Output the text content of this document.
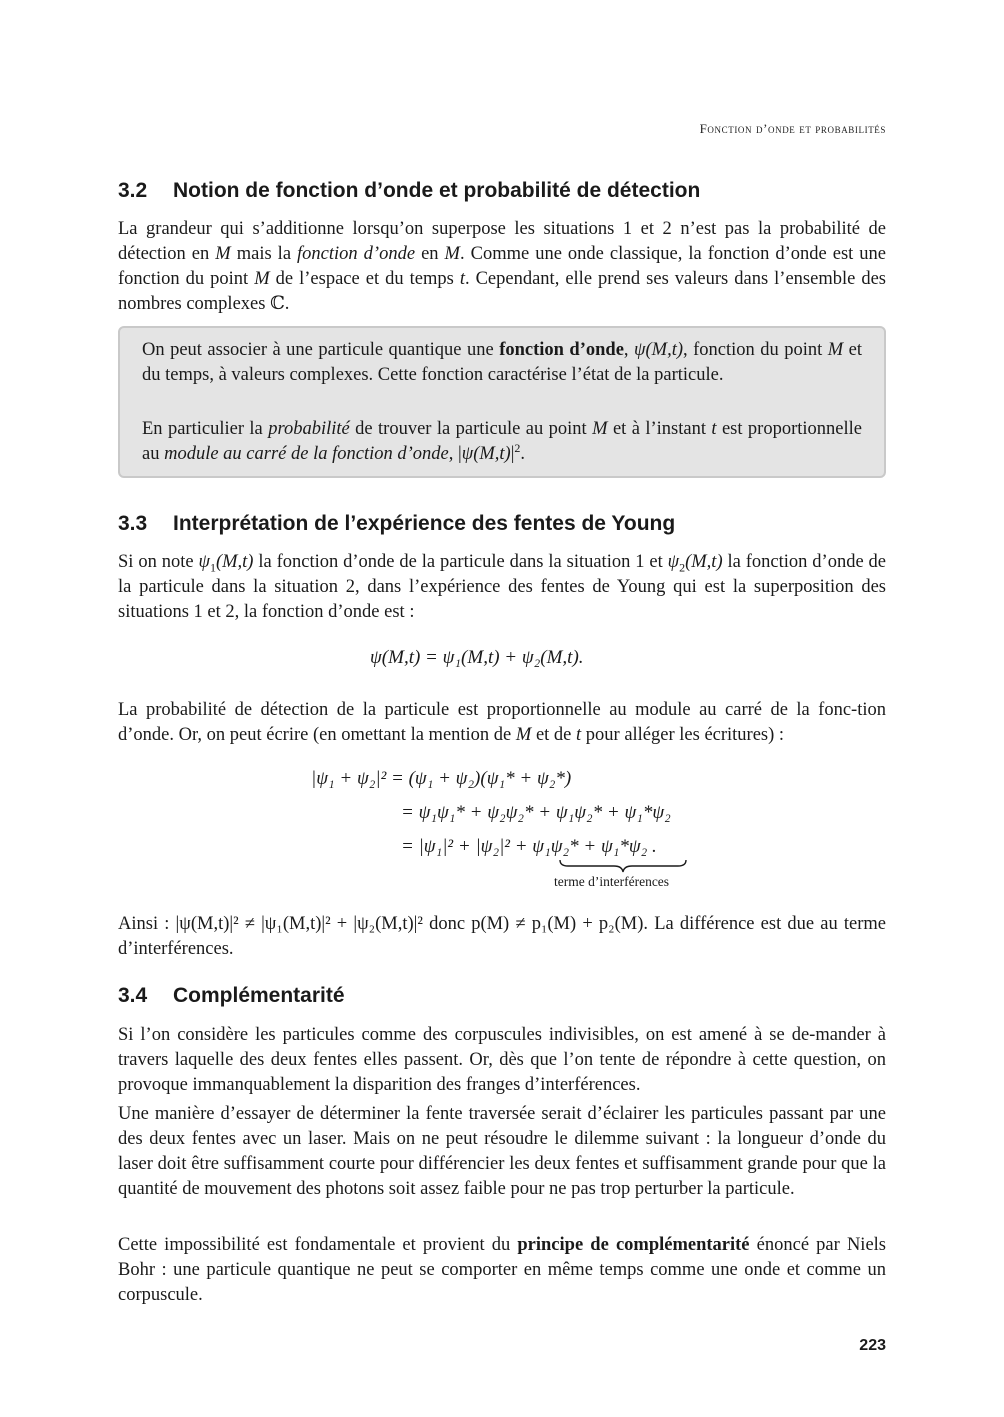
Fonction d’onde et probabilités
3.2 Notion de fonction d’onde et probabilité de détection

La grandeur qui s’additionne lorsqu’on superpose les situations 1 et 2 n’est pas la probabilité de détection en M mais la fonction d’onde en M. Comme une onde classique, la fonction d’onde est une fonction du point M de l’espace et du temps t. Cependant, elle prend ses valeurs dans l’ensemble des nombres complexes ℂ.

On peut associer à une particule quantique une fonction d’onde, ψ(M,t), fonction du point M et du temps, à valeurs complexes. Cette fonction caractérise l’état de la particule.

En particulier la probabilité de trouver la particule au point M et à l’instant t est proportionnelle au module au carré de la fonction d’onde, $|\psi(M,t)|^2$.

3.3 Interprétation de l’expérience des fentes de Young

Si on note $\psi_1(M,t)$ la fonction d’onde de la particule dans la situation 1 et $\psi_2(M,t)$ la fonction d’onde de la particule dans la situation 2, dans l’expérience des fentes de Young qui est la superposition des situations 1 et 2, la fonction d’onde est :

ψ(M,t) = ψ₁(M,t) + ψ₂(M,t).

La probabilité de détection de la particule est proportionnelle au module au carré de la fonc-tion d’onde. Or, on peut écrire (en omettant la mention de M et de t pour alléger les écritures) :

|ψ₁ + ψ₂|² = (ψ₁ + ψ₂)(ψ₁* + ψ₂*)
= ψ₁ψ₁* + ψ₂ψ₂* + ψ₁ψ₂* + ψ₁*ψ₂
= |ψ₁|² + |ψ₂|² + ψ₁ψ₂* + ψ₁*ψ₂ .
terme d’interférences

Ainsi : |ψ(M,t)|² ≠ |ψ₁(M,t)|² + |ψ₂(M,t)|² donc p(M) ≠ p₁(M) + p₂(M). La différence est due au terme d’interférences.

3.4 Complémentarité

Si l’on considère les particules comme des corpuscules indivisibles, on est amené à se de-mander à travers laquelle des deux fentes elles passent. Or, dès que l’on tente de répondre à cette question, on provoque immanquablement la disparition des franges d’interférences.

Une manière d’essayer de déterminer la fente traversée serait d’éclairer les particules passant par une des deux fentes avec un laser. Mais on ne peut résoudre le dilemme suivant : la longueur d’onde du laser doit être suffisamment courte pour différencier les deux fentes et suffisamment grande pour que la quantité de mouvement des photons soit assez faible pour ne pas trop perturber la particule.

Cette impossibilité est fondamentale et provient du principe de complémentarité énoncé par Niels Bohr : une particule quantique ne peut se comporter en même temps comme une onde et comme un corpuscule.

223
